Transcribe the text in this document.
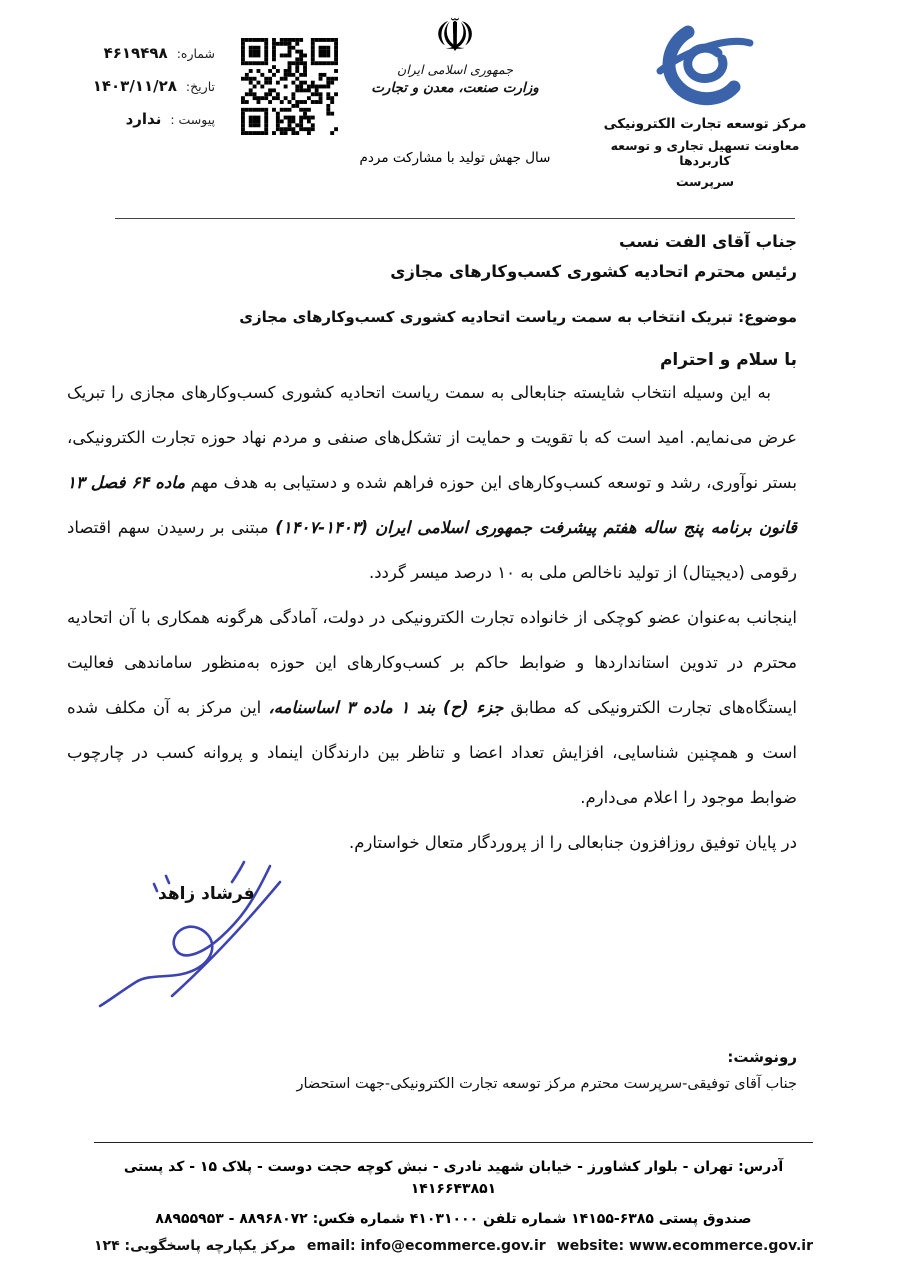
شماره:
۴۶۱۹۴۹۸
تاریخ:
۱۴۰۳/۱۱/۲۸
پیوست :
ندارد
☫
جمهوری اسلامی ایران
وزارت صنعت، معدن و تجارت
سال جهش تولید با مشارکت مردم
مرکز توسعه تجارت الکترونیکی
معاونت تسهیل تجاری و توسعه کاربردها
سرپرست
جناب آقای الفت نسب
رئیس محترم اتحادیه کشوری کسب‌وکارهای مجازی
موضوع: تبریک انتخاب به سمت ریاست اتحادیه کشوری کسب‌وکارهای مجازی
با سلام و احترام

به این وسیله انتخاب شایسته جنابعالی به سمت ریاست اتحادیه کشوری کسب‌وکارهای مجازی را تبریک عرض می‌نمایم. امید است که با تقویت و حمایت از تشکل‌های صنفی و مردم نهاد حوزه تجارت الکترونیکی، بستر نوآوری، رشد و توسعه کسب‌وکارهای این حوزه فراهم شده و دستیابی به هدف مهم ماده ۶۴ فصل ۱۳ قانون برنامه پنج ساله هفتم پیشرفت جمهوری اسلامی ایران (۱۴۰۳-۱۴۰۷) مبتنی بر رسیدن سهم اقتصاد رقومی (دیجیتال) از تولید ناخالص ملی به ۱۰ درصد میسر گردد.

اینجانب به‌عنوان عضو کوچکی از خانواده تجارت الکترونیکی در دولت، آمادگی هرگونه همکاری با آن اتحادیه محترم در تدوین استانداردها و ضوابط حاکم بر کسب‌وکارهای این حوزه به‌منظور ساماندهی فعالیت ایستگاه‌های تجارت الکترونیکی که مطابق جزء (ح) بند ۱ ماده ۳ اساسنامه، این مرکز به آن مکلف شده است و همچنین شناسایی، افزایش تعداد اعضا و تناظر بین دارندگان اینماد و پروانه کسب در چارچوب ضوابط موجود را اعلام می‌دارم.

در پایان توفیق روزافزون جنابعالی را از پروردگار متعال خواستارم.
فرشاد زاهد
رونوشت:
جناب آقای توفیقی-سرپرست محترم مرکز توسعه تجارت الکترونیکی-جهت استحضار
آدرس: تهران - بلوار کشاورز - خیابان شهید نادری - نبش کوچه حجت دوست - پلاک ۱۵ - کد پستی ۱۴۱۶۶۴۳۸۵۱
صندوق پستی ۶۳۸۵-۱۴۱۵۵ شماره تلفن ۴۱۰۳۱۰۰۰ شماره فکس: ۸۸۹۶۸۰۷۲ - ۸۸۹۵۵۹۵۳
مرکز یکپارچه پاسخگویی: ۱۲۴ email: info@ecommerce.gov.ir website: www.ecommerce.gov.ir
